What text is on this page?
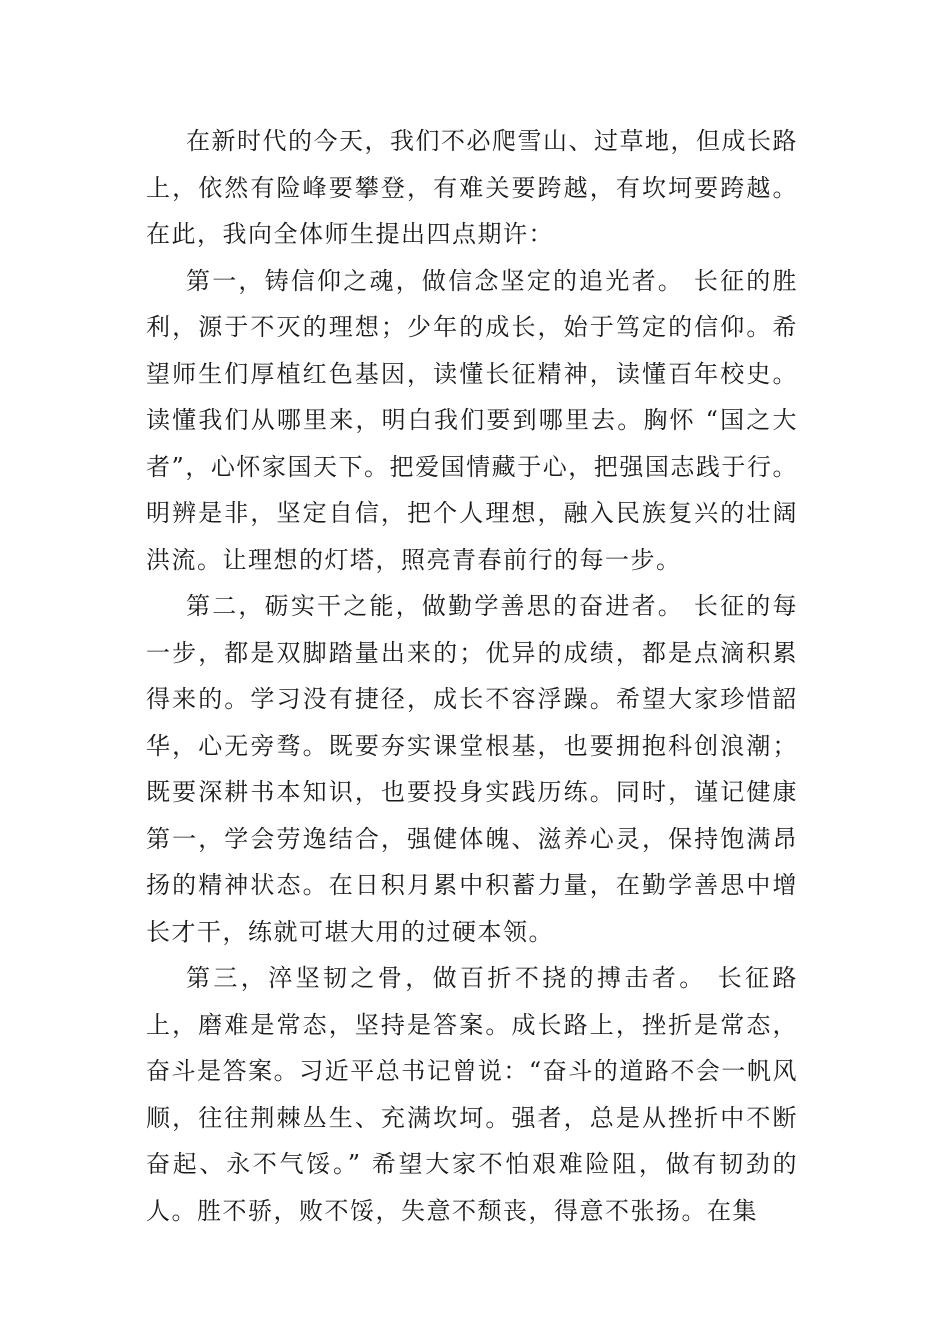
在新时代的今天，我们不必爬雪山、过草地，但成长路上，依然有险峰要攀登，有难关要跨越，有坎坷要跨越。在此，我向全体师生提出四点期许：

第一，铸信仰之魂，做信念坚定的追光者。 长征的胜利，源于不灭的理想；少年的成长，始于笃定的信仰。希望师生们厚植红色基因，读懂长征精神，读懂百年校史。读懂我们从哪里来，明白我们要到哪里去。胸怀 “国之大者”，心怀家国天下。把爱国情藏于心，把强国志践于行。明辨是非，坚定自信，把个人理想，融入民族复兴的壮阔洪流。让理想的灯塔，照亮青春前行的每一步。

第二，砺实干之能，做勤学善思的奋进者。 长征的每一步，都是双脚踏量出来的；优异的成绩，都是点滴积累得来的。学习没有捷径，成长不容浮躁。希望大家珍惜韶华，心无旁骛。既要夯实课堂根基，也要拥抱科创浪潮；既要深耕书本知识，也要投身实践历练。同时，谨记健康第一，学会劳逸结合，强健体魄、滋养心灵，保持饱满昂扬的精神状态。在日积月累中积蓄力量，在勤学善思中增长才干，练就可堪大用的过硬本领。

第三，淬坚韧之骨，做百折不挠的搏击者。 长征路上，磨难是常态，坚持是答案。成长路上，挫折是常态，奋斗是答案。习近平总书记曾说：“奋斗的道路不会一帆风顺，往往荆棘丛生、充满坎坷。强者，总是从挫折中不断奋起、永不气馁。” 希望大家不怕艰难险阻，做有韧劲的人。胜不骄，败不馁，失意不颓丧，得意不张扬。在集
